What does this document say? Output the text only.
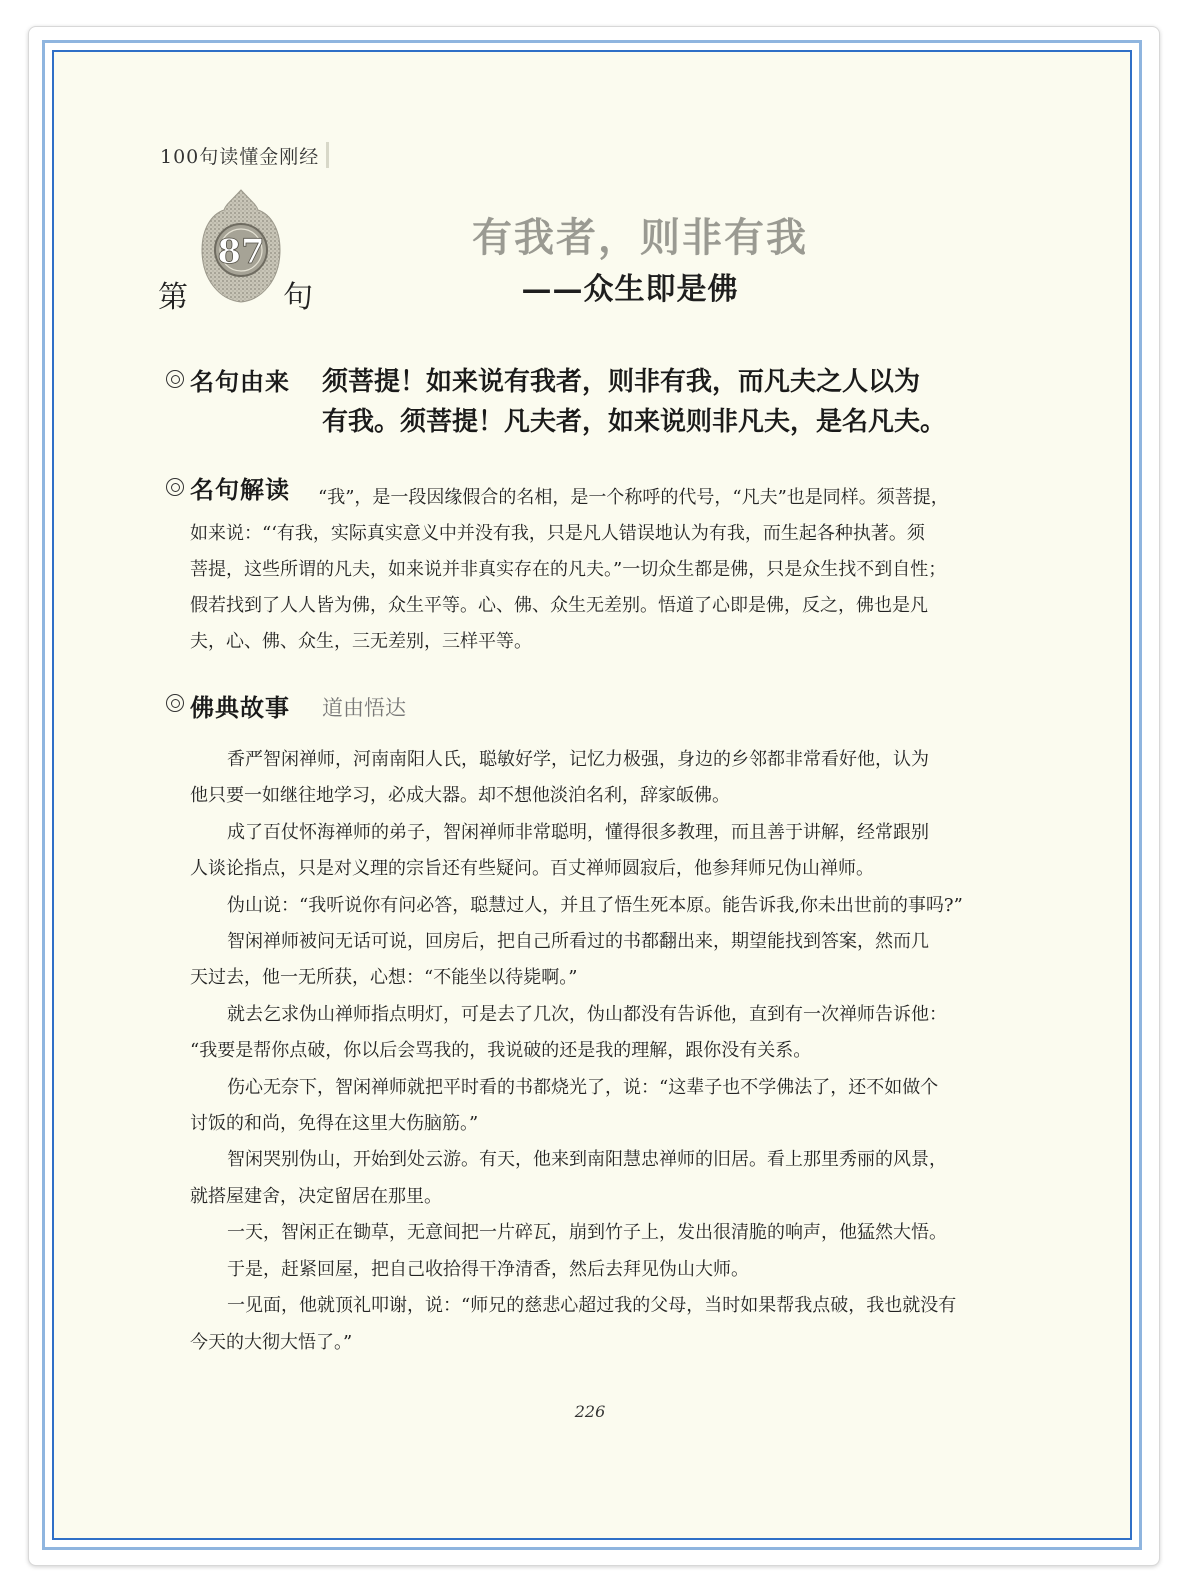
100句读懂金刚经
87
第	句
有我者，则非有我
——众生即是佛
名句由来 须菩提！如来说有我者，则非有我，而凡夫之人以为
有我。须菩提！凡夫者，如来说则非凡夫，是名凡夫。
名句解读	“我”，是一段因缘假合的名相，是一个称呼的代号，“凡夫”也是同样。须菩提，
如来说：“‘有我，实际真实意义中并没有我，只是凡人错误地认为有我，而生起各种执著。须
菩提，这些所谓的凡夫，如来说并非真实存在的凡夫。”一切众生都是佛，只是众生找不到自性；
假若找到了人人皆为佛，众生平等。心、佛、众生无差别。悟道了心即是佛，反之，佛也是凡
夫，心、佛、众生，三无差别，三样平等。
佛典故事 道由悟达
香严智闲禅师，河南南阳人氏，聪敏好学，记忆力极强，身边的乡邻都非常看好他，认为
他只要一如继往地学习，必成大器。却不想他淡泊名利，辞家皈佛。
成了百仗怀海禅师的弟子，智闲禅师非常聪明，懂得很多教理，而且善于讲解，经常跟别
人谈论指点，只是对义理的宗旨还有些疑问。百丈禅师圆寂后，他参拜师兄伪山禅师。
伪山说：“我听说你有问必答，聪慧过人，并且了悟生死本原。能告诉我,你未出世前的事吗?”
智闲禅师被问无话可说，回房后，把自己所看过的书都翻出来，期望能找到答案，然而几
天过去，他一无所获，心想：“不能坐以待毙啊。”
就去乞求伪山禅师指点明灯，可是去了几次，伪山都没有告诉他，直到有一次禅师告诉他：
“我要是帮你点破，你以后会骂我的，我说破的还是我的理解，跟你没有关系。
伤心无奈下，智闲禅师就把平时看的书都烧光了，说：“这辈子也不学佛法了，还不如做个
讨饭的和尚，免得在这里大伤脑筋。”
智闲哭别伪山，开始到处云游。有天，他来到南阳慧忠禅师的旧居。看上那里秀丽的风景，
就搭屋建舍，决定留居在那里。
一天，智闲正在锄草，无意间把一片碎瓦，崩到竹子上，发出很清脆的响声，他猛然大悟。
于是，赶紧回屋，把自己收拾得干净清香，然后去拜见伪山大师。
一见面，他就顶礼叩谢，说：“师兄的慈悲心超过我的父母，当时如果帮我点破，我也就没有
今天的大彻大悟了。”
226
